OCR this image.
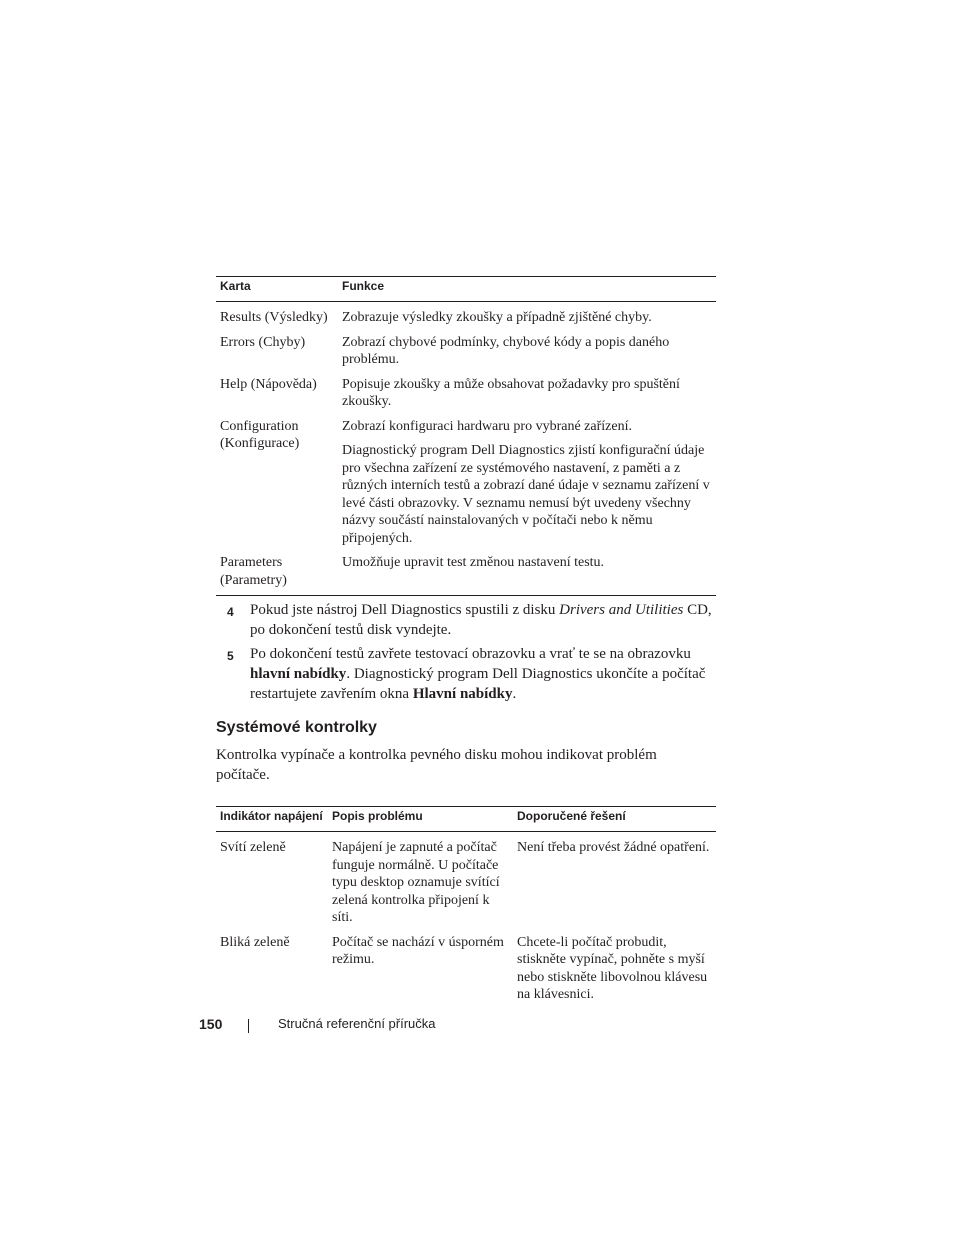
Karta	Funkce
Results (Výsledky)	Zobrazuje výsledky zkoušky a případně zjištěné chyby.

Errors (Chyby)	Zobrazí chybové podmínky, chybové kódy a popis daného problému.

Help (Nápověda)	Popisuje zkoušky a může obsahovat požadavky pro spuštění zkoušky.

Configuration (Konfigurace)	Zobrazí konfiguraci hardwaru pro vybrané zařízení.
Diagnostický program Dell Diagnostics zjistí konfigurační údaje pro všechna zařízení ze systémového nastavení, z paměti a z různých interních testů a zobrazí dané údaje v seznamu zařízení v levé části obrazovky. V seznamu nemusí být uvedeny všechny názvy součástí nainstalovaných v počítači nebo k němu připojených.

Parameters (Parametry)	Umožňuje upravit test změnou nastavení testu.
4 Pokud jste nástroj Dell Diagnostics spustili z disku Drivers and Utilities CD, po dokončení testů disk vyndejte.
5 Po dokončení testů zavřete testovací obrazovku a vrať te se na obrazovku hlavní nabídky. Diagnostický program Dell Diagnostics ukončíte a počítač restartujete zavřením okna Hlavní nabídky.
Systémové kontrolky
Kontrolka vypínače a kontrolka pevného disku mohou indikovat problém počítače.
Indikátor napájení	Popis problému	Doporučené řešení
Svítí zeleně	Napájení je zapnuté a počítač funguje normálně. U počítače typu desktop oznamuje svítící zelená kontrolka připojení k síti.	Není třeba provést žádné opatření.
Bliká zeleně	Počítač se nachází v úsporném režimu.	Chcete-li počítač probudit, stiskněte vypínač, pohněte s myší nebo stiskněte libovolnou klávesu na klávesnici.
150	Stručná referenční příručka
